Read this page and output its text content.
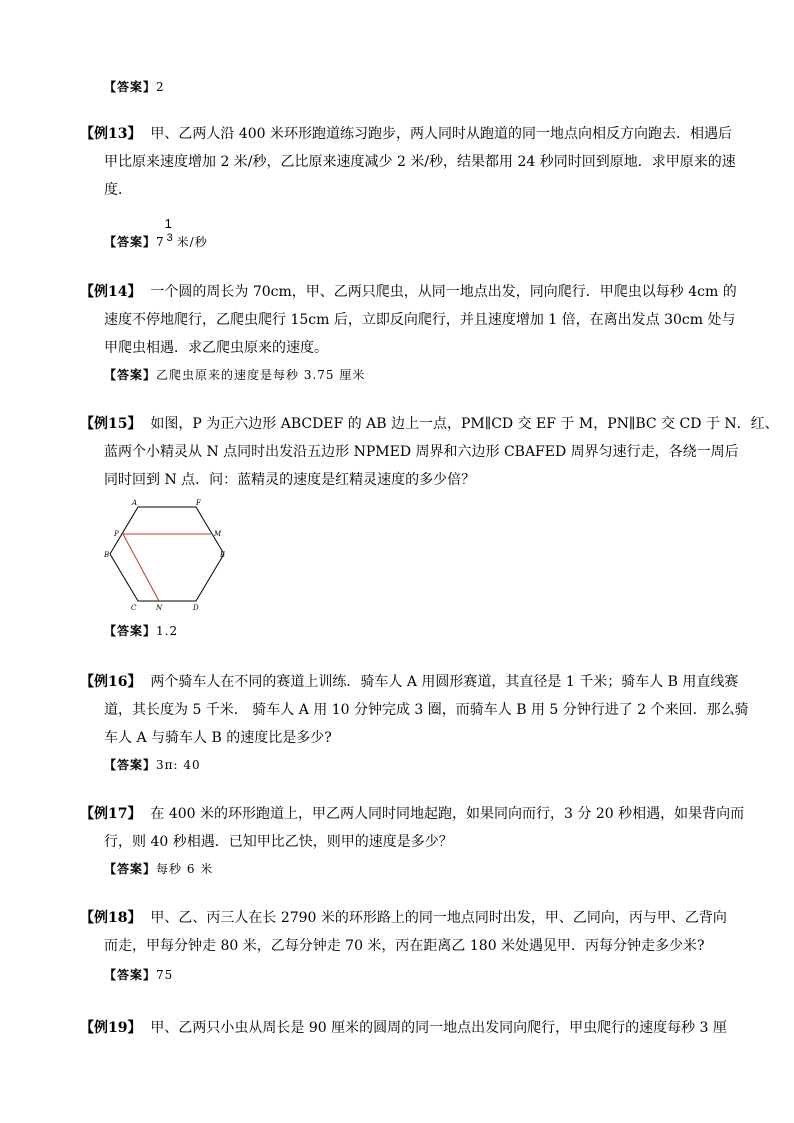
【答案】2
【例13】 甲、乙两人沿 400 米环形跑道练习跑步，两人同时从跑道的同一地点向相反方向跑去．相遇后
甲比原来速度增加 2 米/秒，乙比原来速度减少 2 米/秒，结果都用 24 秒同时回到原地．求甲原来的速
度．
【答案】7
1
3 米/秒
【例14】 一个圆的周长为 70cm，甲、乙两只爬虫，从同一地点出发，同向爬行．甲爬虫以每秒 4cm 的
速度不停地爬行，乙爬虫爬行 15cm 后，立即反向爬行，并且速度增加 1 倍，在离出发点 30cm 处与
甲爬虫相遇．求乙爬虫原来的速度。
【答案】乙爬虫原来的速度是每秒 3.75 厘米
【例15】 如图，P 为正六边形 ABCDEF 的 AB 边上一点，PM∥CD 交 EF 于 M，PN∥BC 交 CD 于 N．红、
蓝两个小精灵从 N 点同时出发沿五边形 NPMED 周界和六边形 CBAFED 周界匀速行走，各绕一周后
同时回到 N 点．问：蓝精灵的速度是红精灵速度的多少倍？
A	F
P	M
B	E
C	N	D
【答案】1.2
【例16】 两个骑车人在不同的赛道上训练．骑车人 A 用圆形赛道，其直径是 1 千米；骑车人 B 用直线赛
道，其长度为 5 千米． 骑车人 A 用 10 分钟完成 3 圈，而骑车人 B 用 5 分钟行进了 2 个来回．那么骑
车人 A 与骑车人 B 的速度比是多少?
【答案】3π: 40
【例17】 在 400 米的环形跑道上，甲乙两人同时同地起跑，如果同向而行，3 分 20 秒相遇，如果背向而
行，则 40 秒相遇．已知甲比乙快，则甲的速度是多少？
【答案】每秒 6 米
【例18】 甲、乙、丙三人在长 2790 米的环形路上的同一地点同时出发，甲、乙同向，丙与甲、乙背向
而走，甲每分钟走 80 米，乙每分钟走 70 米，丙在距离乙 180 米处遇见甲．丙每分钟走多少米?
【答案】75
【例19】 甲、乙两只小虫从周长是 90 厘米的圆周的同一地点出发同向爬行，甲虫爬行的速度每秒 3 厘
